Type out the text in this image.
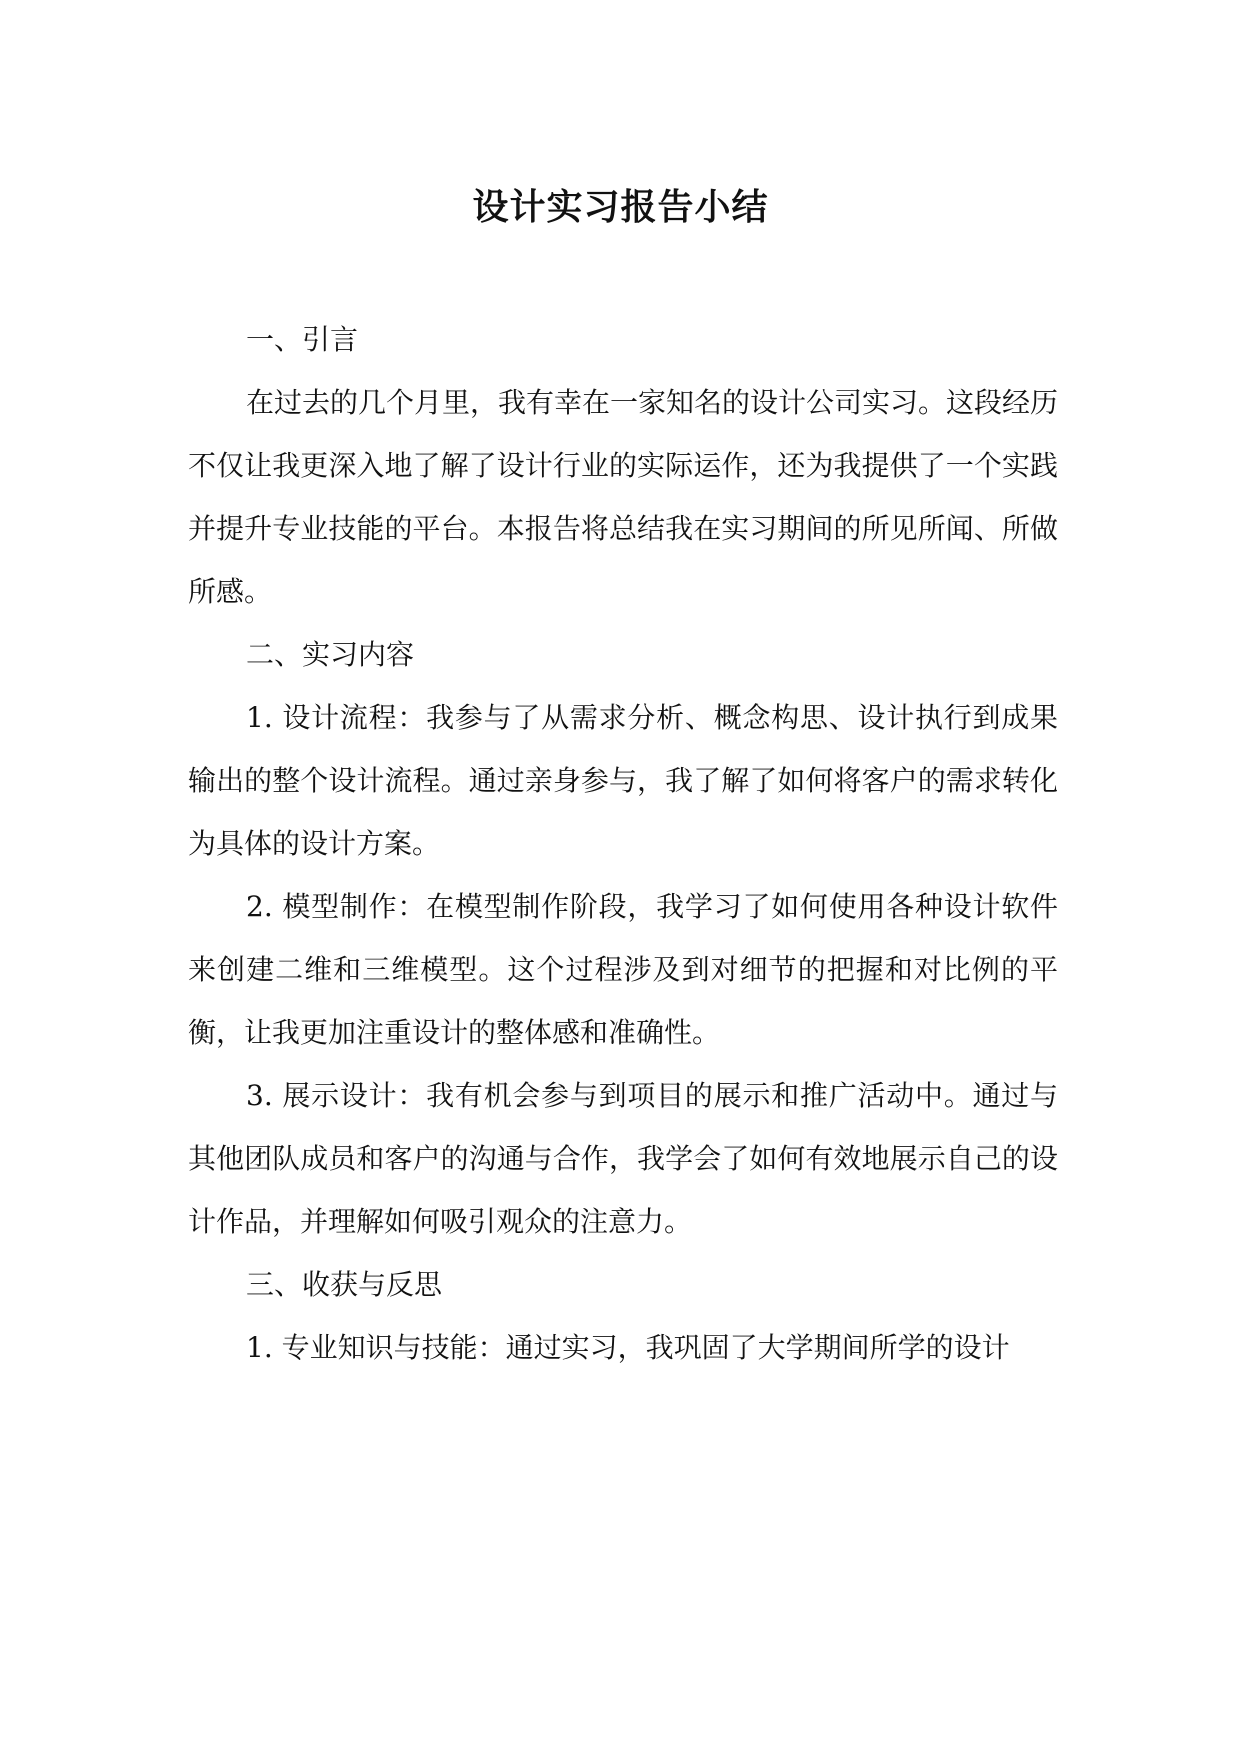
设计实习报告小结

一、引言

在过去的几个月里，我有幸在一家知名的设计公司实习。这段经历不仅让我更深入地了解了设计行业的实际运作，还为我提供了一个实践并提升专业技能的平台。本报告将总结我在实习期间的所见所闻、所做所感。

二、实习内容

1. 设计流程：我参与了从需求分析、概念构思、设计执行到成果输出的整个设计流程。通过亲身参与，我了解了如何将客户的需求转化为具体的设计方案。

2. 模型制作：在模型制作阶段，我学习了如何使用各种设计软件来创建二维和三维模型。这个过程涉及到对细节的把握和对比例的平衡，让我更加注重设计的整体感和准确性。

3. 展示设计：我有机会参与到项目的展示和推广活动中。通过与其他团队成员和客户的沟通与合作，我学会了如何有效地展示自己的设计作品，并理解如何吸引观众的注意力。

三、收获与反思

1. 专业知识与技能：通过实习，我巩固了大学期间所学的设计
